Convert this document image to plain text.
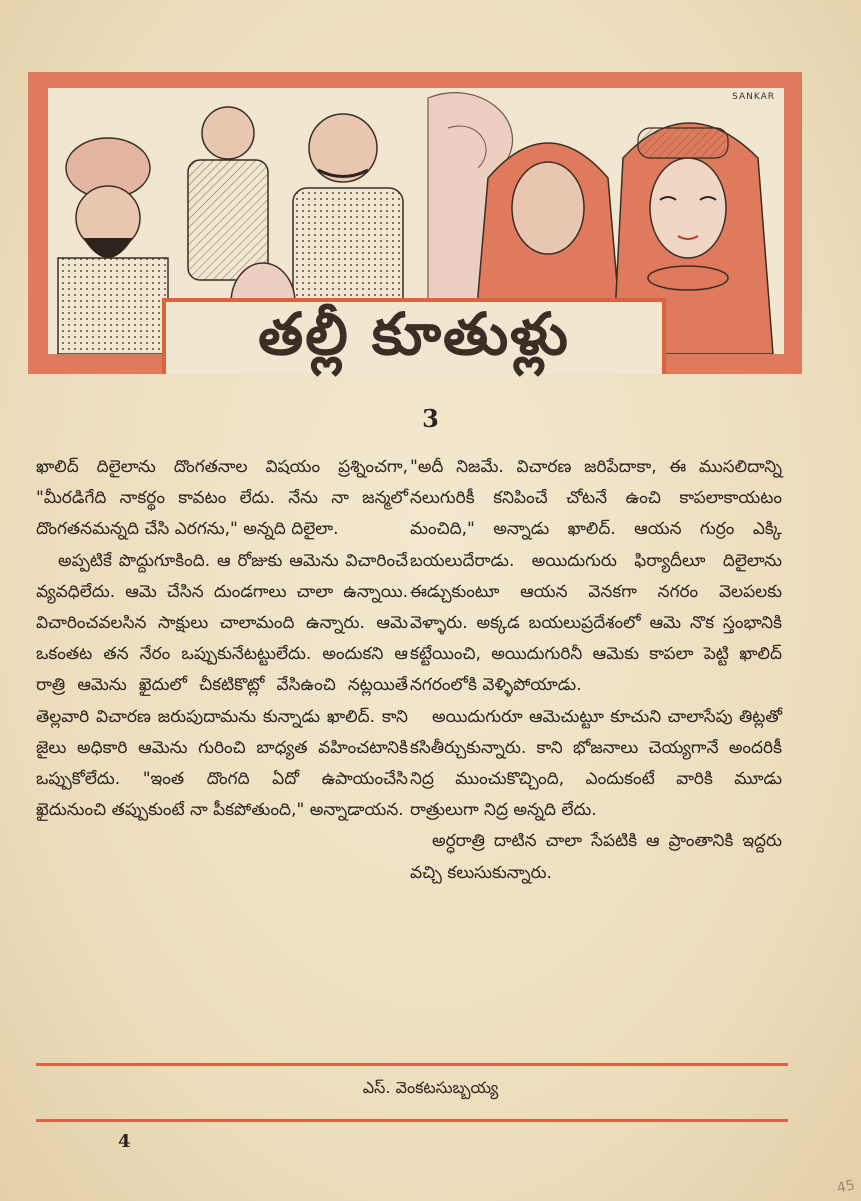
SANKAR
తల్లీ కూతుళ్లు
3

ఖాలిద్ దిలైలాను దొంగతనాల విషయం ప్రశ్నించగా, "మీరడిగేది నాకర్థం కావటం లేదు. నేను నా జన్మలో దొంగతనమన్నది చేసి ఎరగను," అన్నది దిలైలా.

అప్పటికే పొద్దుగూకింది. ఆ రోజుకు ఆమెను విచారించే వ్యవధిలేదు. ఆమె చేసిన దుండగాలు చాలా ఉన్నాయి. విచారించవలసిన సాక్షులు చాలామంది ఉన్నారు. ఆమె ఒకంతట తన నేరం ఒప్పుకునేటట్టులేదు. అందుకని ఆ రాత్రి ఆమెను ఖైదులో చీకటికొట్లో వేసిఉంచి నట్లయితే తెల్లవారి విచారణ జరుపుదామను కున్నాడు ఖాలిద్. కాని జైలు అధికారి ఆమెను గురించి బాధ్యత వహించటానికి ఒప్పుకోలేదు. "ఇంత దొంగది ఏదో ఉపాయంచేసి ఖైదునుంచి తప్పుకుంటే నా పీకపోతుంది," అన్నాడాయన.

"అదీ నిజమే. విచారణ జరిపేదాకా, ఈ ముసలిదాన్ని నలుగురికీ కనిపించే చోటనే ఉంచి కాపలాకాయటం మంచిది," అన్నాడు ఖాలిద్. ఆయన గుర్రం ఎక్కి బయలుదేరాడు. అయిదుగురు ఫిర్యాదీలూ దిలైలాను ఈడ్చుకుంటూ ఆయన వెనకగా నగరం వెలపలకు వెళ్ళారు. అక్కడ బయలుప్రదేశంలో ఆమె నొక స్తంభానికి కట్టేయించి, అయిదుగురినీ ఆమెకు కాపలా పెట్టి ఖాలిద్ నగరంలోకి వెళ్ళిపోయాడు.

అయిదుగురూ ఆమెచుట్టూ కూచుని చాలాసేపు తిట్లతో కసితీర్చుకున్నారు. కాని భోజనాలు చెయ్యగానే అందరికీ నిద్ర ముంచుకొచ్చింది, ఎందుకంటే వారికి మూడు రాత్రులుగా నిద్ర అన్నది లేదు.

అర్ధరాత్రి దాటిన చాలా సేపటికి ఆ ప్రాంతానికి ఇద్దరు వచ్చి కలుసుకున్నారు.

ఎస్. వెంకటసుబ్బయ్య
4
45
